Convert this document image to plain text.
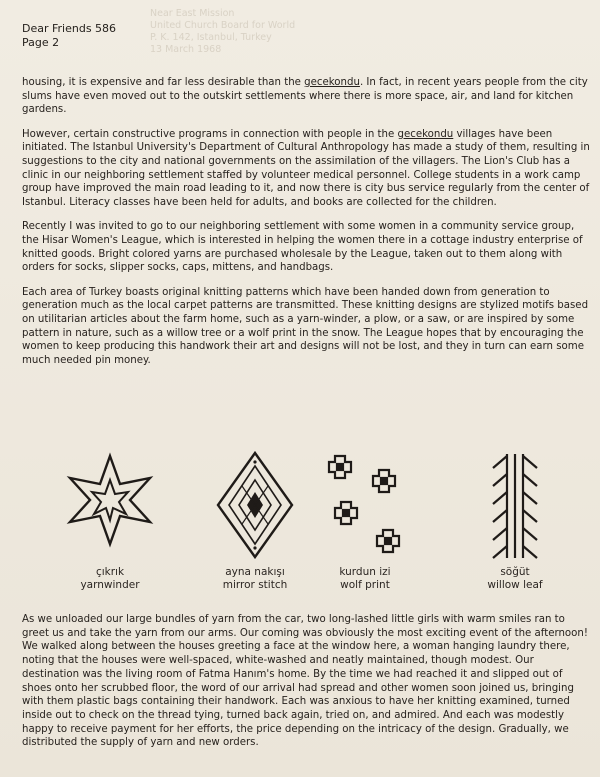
Near East Mission
United Church Board for World
P. K. 142, Istanbul, Turkey
13 March 1968
Dear Friends 586
Page 2

housing, it is expensive and far less desirable than the gecekondu. In fact, in recent years people from the city slums have even moved out to the outskirt settlements where there is more space, air, and land for kitchen gardens.

However, certain constructive programs in connection with people in the gecekondu villages have been initiated. The Istanbul University's Department of Cultural Anthropology has made a study of them, resulting in suggestions to the city and national governments on the assimilation of the villagers. The Lion's Club has a clinic in our neighboring settlement staffed by volunteer medical personnel. College students in a work camp group have improved the main road leading to it, and now there is city bus service regularly from the center of Istanbul. Literacy classes have been held for adults, and books are collected for the children.

Recently I was invited to go to our neighboring settlement with some women in a community service group, the Hisar Women's League, which is interested in helping the women there in a cottage industry enterprise of knitted goods. Bright colored yarns are purchased wholesale by the League, taken out to them along with orders for socks, slipper socks, caps, mittens, and handbags.

Each area of Turkey boasts original knitting patterns which have been handed down from generation to generation much as the local carpet patterns are transmitted. These knitting designs are stylized motifs based on utilitarian articles about the farm home, such as a yarn-winder, a plow, or a saw, or are inspired by some pattern in nature, such as a willow tree or a wolf print in the snow. The League hopes that by encouraging the women to keep producing this handwork their art and designs will not be lost, and they in turn can earn some much needed pin money.

çıkrık
yarnwinder
ayna nakışı
mirror stitch
kurdun izi
wolf print
söğüt
willow leaf

As we unloaded our large bundles of yarn from the car, two long-lashed little girls with warm smiles ran to greet us and take the yarn from our arms. Our coming was obviously the most exciting event of the afternoon! We walked along between the houses greeting a face at the window here, a woman hanging laundry there, noting that the houses were well-spaced, white-washed and neatly maintained, though modest. Our destination was the living room of Fatma Hanım's home. By the time we had reached it and slipped out of shoes onto her scrubbed floor, the word of our arrival had spread and other women soon joined us, bringing with them plastic bags containing their handwork. Each was anxious to have her knitting examined, turned inside out to check on the thread tying, turned back again, tried on, and admired. And each was modestly happy to receive payment for her efforts, the price depending on the intricacy of the design. Gradually, we distributed the supply of yarn and new orders.
